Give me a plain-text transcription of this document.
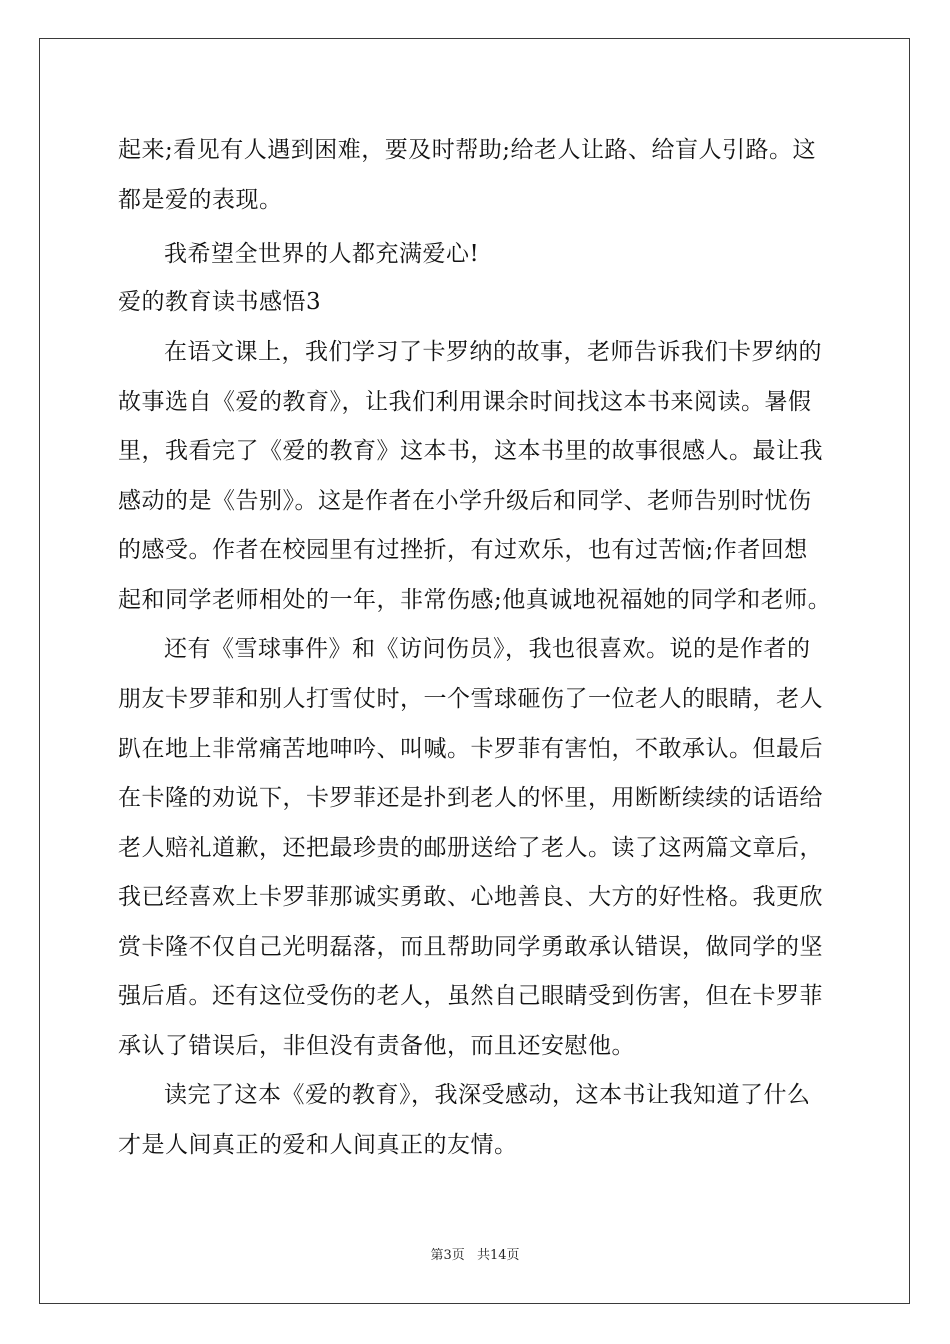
起来;看见有人遇到困难，要及时帮助;给老人让路、给盲人引路。这
都是爱的表现。
我希望全世界的人都充满爱心!
爱的教育读书感悟3
在语文课上，我们学习了卡罗纳的故事，老师告诉我们卡罗纳的
故事选自《爱的教育》，让我们利用课余时间找这本书来阅读。暑假
里，我看完了《爱的教育》这本书，这本书里的故事很感人。最让我
感动的是《告别》。这是作者在小学升级后和同学、老师告别时忧伤
的感受。作者在校园里有过挫折，有过欢乐，也有过苦恼;作者回想
起和同学老师相处的一年，非常伤感;他真诚地祝福她的同学和老师。
还有《雪球事件》和《访问伤员》，我也很喜欢。说的是作者的
朋友卡罗菲和别人打雪仗时，一个雪球砸伤了一位老人的眼睛，老人
趴在地上非常痛苦地呻吟、叫喊。卡罗菲有害怕，不敢承认。但最后
在卡隆的劝说下，卡罗菲还是扑到老人的怀里，用断断续续的话语给
老人赔礼道歉，还把最珍贵的邮册送给了老人。读了这两篇文章后，
我已经喜欢上卡罗菲那诚实勇敢、心地善良、大方的好性格。我更欣
赏卡隆不仅自己光明磊落，而且帮助同学勇敢承认错误，做同学的坚
强后盾。还有这位受伤的老人，虽然自己眼睛受到伤害，但在卡罗菲
承认了错误后，非但没有责备他，而且还安慰他。
读完了这本《爱的教育》，我深受感动，这本书让我知道了什么
才是人间真正的爱和人间真正的友情。
第3页 共14页
